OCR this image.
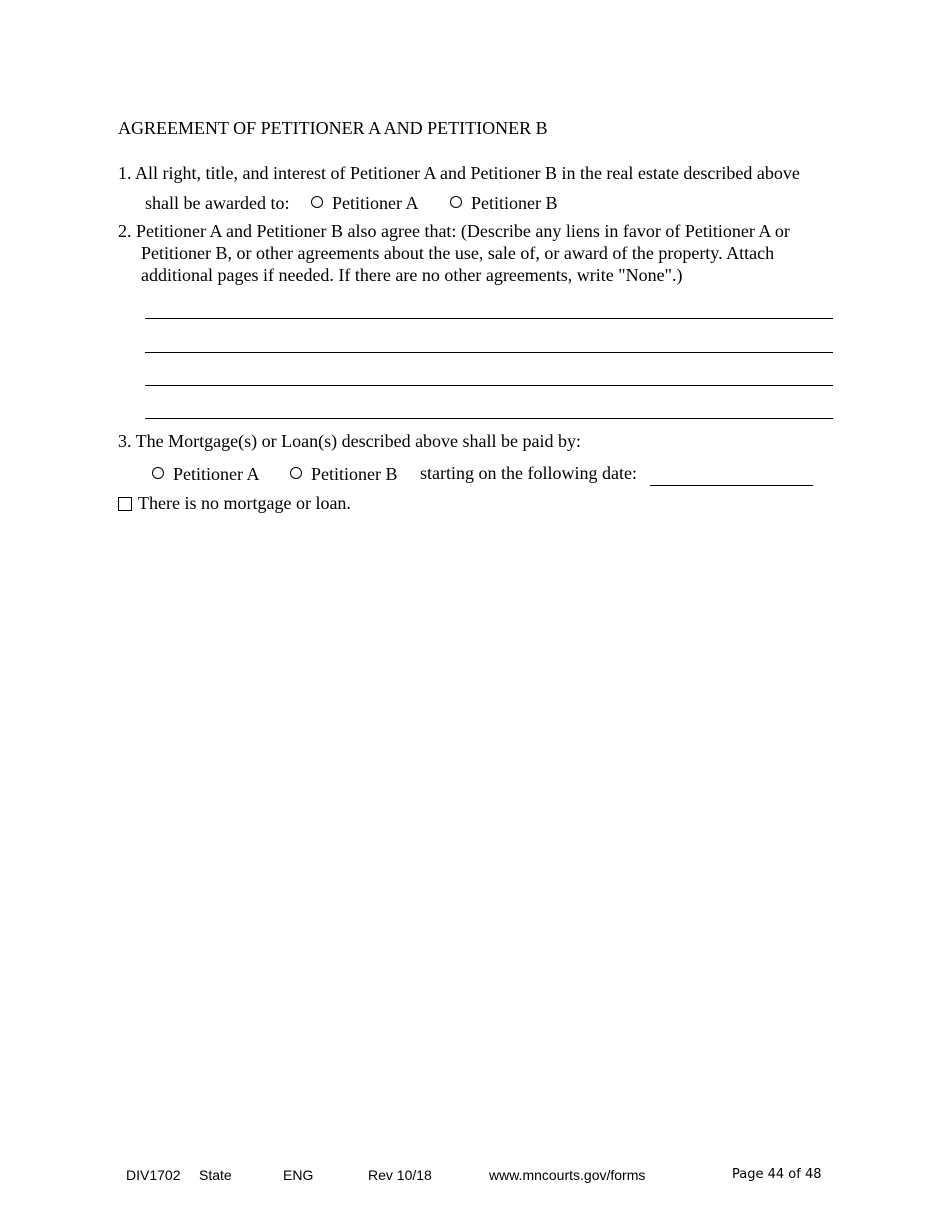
AGREEMENT OF PETITIONER A AND PETITIONER B
1. All right, title, and interest of Petitioner A and Petitioner B in the real estate described above
shall be awarded to: Petitioner A	Petitioner B
2. Petitioner A and Petitioner B also agree that: (Describe any liens in favor of Petitioner A or
Petitioner B, or other agreements about the use, sale of, or award of the property. Attach
additional pages if needed. If there are no other agreements, write "None".)
3. The Mortgage(s) or Loan(s) described above shall be paid by:
Petitioner A	Petitioner B starting on the following date:
There is no mortgage or loan.
DIV1702 State	ENG	Rev 10/18	www.mncourts.gov/forms	Page 44 of 48
